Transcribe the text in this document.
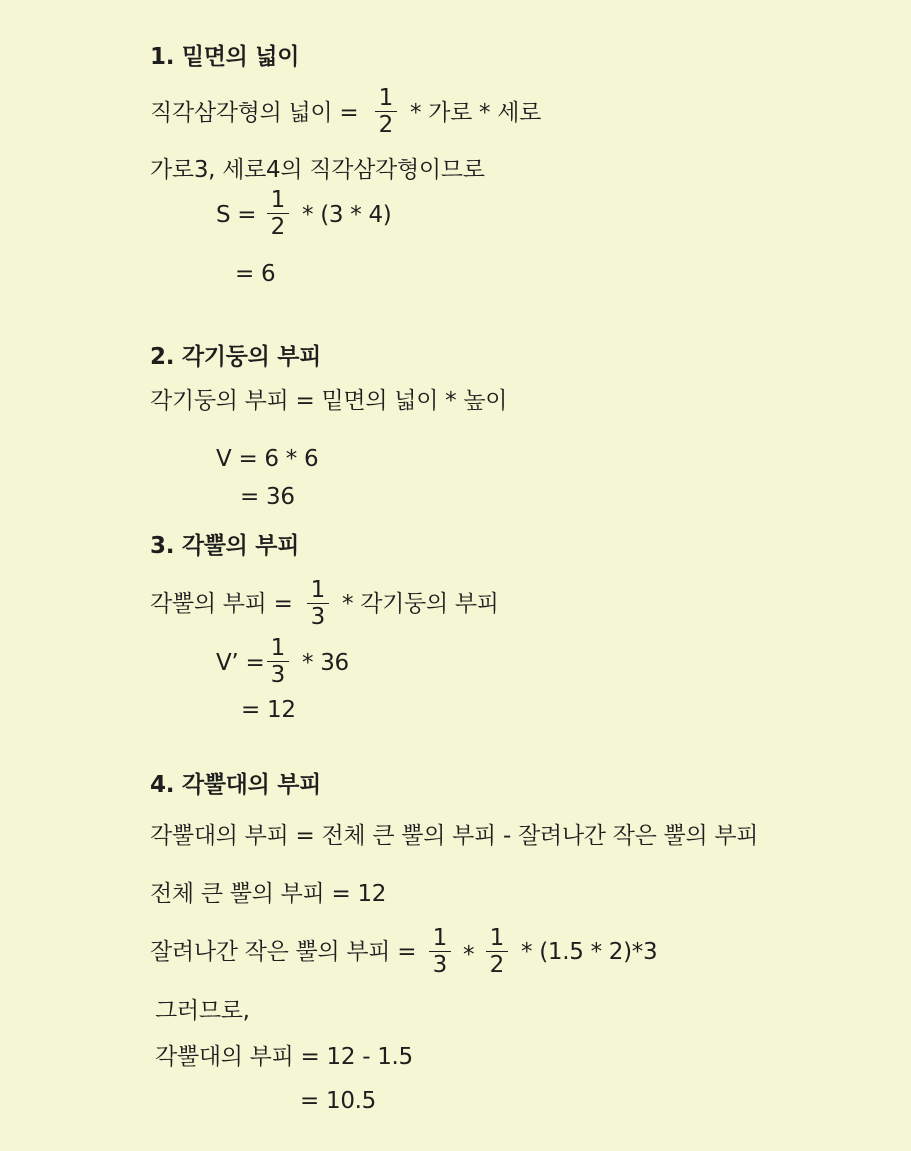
1. 밑면의 넓이
직각삼각형의 넓이 =
1
2 * 가로 * 세로
가로3, 세로4의 직각삼각형이므로
S =
1
2 * (3 * 4)
= 6
2. 각기둥의 부피
각기둥의 부피 = 밑면의 넓이 * 높이
V = 6 * 6
= 36
3. 각뿔의 부피
각뿔의 부피 =
1
3 * 각기둥의 부피
V’ =
1
3 * 36
= 12
4. 각뿔대의 부피
각뿔대의 부피 = 전체 큰 뿔의 부피 - 잘려나간 작은 뿔의 부피
전체 큰 뿔의 부피 = 12
잘려나간 작은 뿔의 부피 =
1
3 *
1
2 * (1.5 * 2)*3
그러므로,
각뿔대의 부피 = 12 - 1.5
= 10.5
